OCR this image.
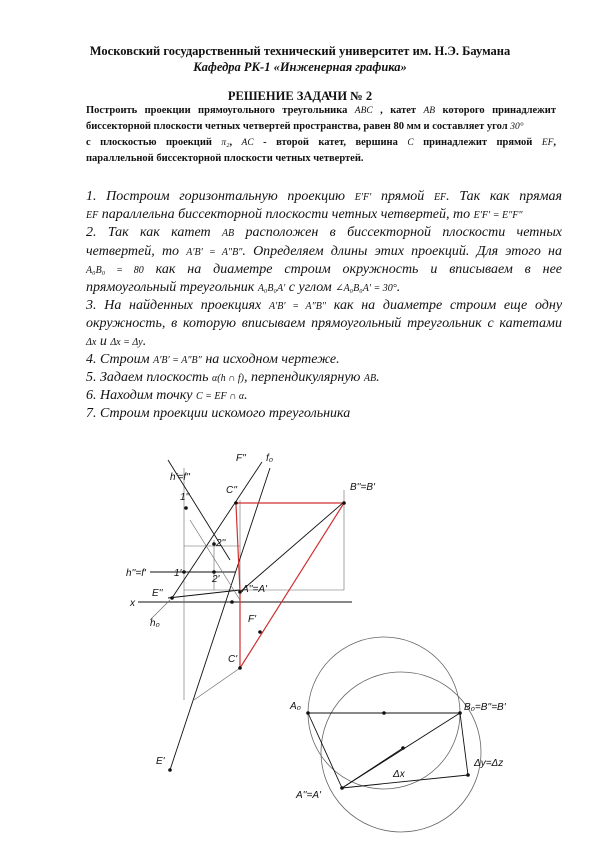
Московский государственный технический университет им. Н.Э. Баумана
Кафедра РК-1 «Инженерная графика»
РЕШЕНИЕ ЗАДАЧИ № 2
Построить проекции прямоугольного треугольника ABC , катет AB которого принадлежит
биссекторной плоскости четных четвертей пространства, равен 80 мм и составляет угол 30°
с плоскостью проекций π₂, AC - второй катет, вершина C принадлежит прямой EF,
параллельной биссекторной плоскости четных четвертей.
1. Построим горизонтальную проекцию E′F′ прямой EF. Так как прямая
EF параллельна биссекторной плоскости четных четвертей, то E′F′ = E″F″
2. Так как катет AB расположен в биссекторной плоскости четных
четвертей, то A′B′ = A″B″. Определяем длины этих проекций. Для этого на
A₀B₀ = 80 как на диаметре строим окружность и вписываем в нее
прямоугольный треугольник A₀B₀A′ с углом ∠A₀B₀A′ = 30°.
3. На найденных проекциях A′B′ = A″B″ как на диаметре строим еще одну
окружность, в которую вписываем прямоугольный треугольник с катетами
Δx и Δx = Δy.
4. Строим A′B′ = A″B″ на исходном чертеже.
5. Задаем плоскость α(h ∩ f), перпендикулярную AB.
6. Находим точку C = EF ∩ α.
7. Строим проекции искомого треугольника
F'' f₀
h'=f''
1''
C''	B''=B'
2''
h''=f'	1'
2'
E''	A''=A'
x
h₀	F'
C'
E'
A₀	B₀=B''=B'
Δy=Δz
Δx
A''=A'
